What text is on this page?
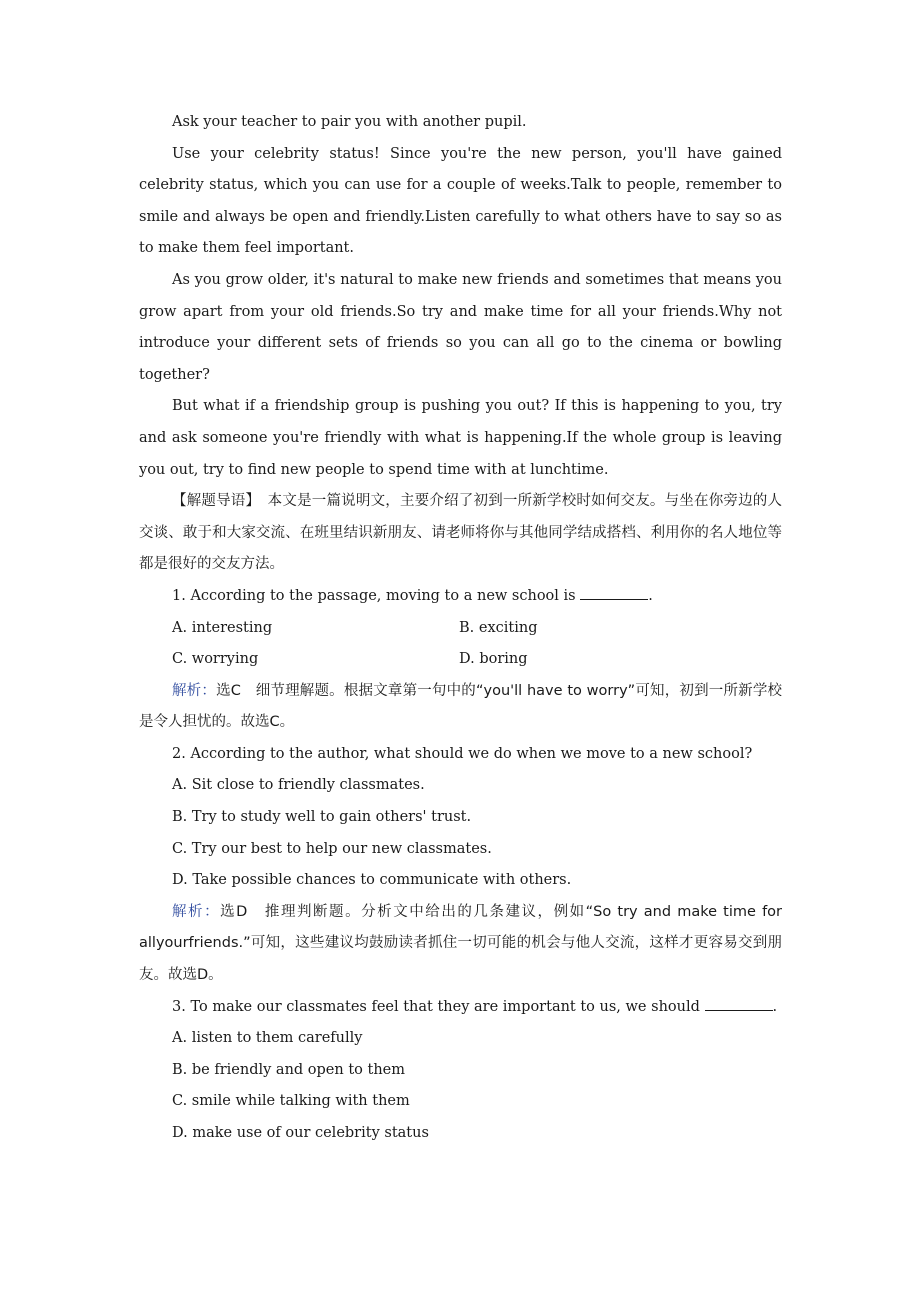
Ask your teacher to pair you with another pupil.

Use your celebrity status! Since you're the new person, you'll have gained celebrity status, which you can use for a couple of weeks.Talk to people, remember to smile and always be open and friendly.Listen carefully to what others have to say so as to make them feel important.

As you grow older, it's natural to make new friends and sometimes that means you grow apart from your old friends.So try and make time for all your friends.Why not introduce your different sets of friends so you can all go to the cinema or bowling together?

But what if a friendship group is pushing you out? If this is happening to you, try and ask someone you're friendly with what is happening.If the whole group is leaving you out, try to find new people to spend time with at lunchtime.

【解题导语】　 本文是一篇说明文，主要介绍了初到一所新学校时如何交友。与坐在你旁边的人交谈、敢于和大家交流、在班里结识新朋友、请老师将你与其他同学结成搭档、利用你的名人地位等都是很好的交友方法。

1. According to the passage, moving to a new school is	.

A. interesting	B. exciting
C. worrying	D. boring

解析：选C　细节理解题。根据文章第一句中的“you'll have to worry”可知，初到一所新学校是令人担忧的。故选C。

2. According to the author, what should we do when we move to a new school?

A. Sit close to friendly classmates.

B. Try to study well to gain others' trust.

C. Try our best to help our new classmates.

D. Take possible chances to communicate with others.

解析：选D　推理判断题。分析文中给出的几条建议，例如“So try and make time for allyourfriends.”可知，这些建议均鼓励读者抓住一切可能的机会与他人交流，这样才更容易交到朋友。故选D。

3. To make our classmates feel that they are important to us, we should	.

A. listen to them carefully

B. be friendly and open to them

C. smile while talking with them

D. make use of our celebrity status
